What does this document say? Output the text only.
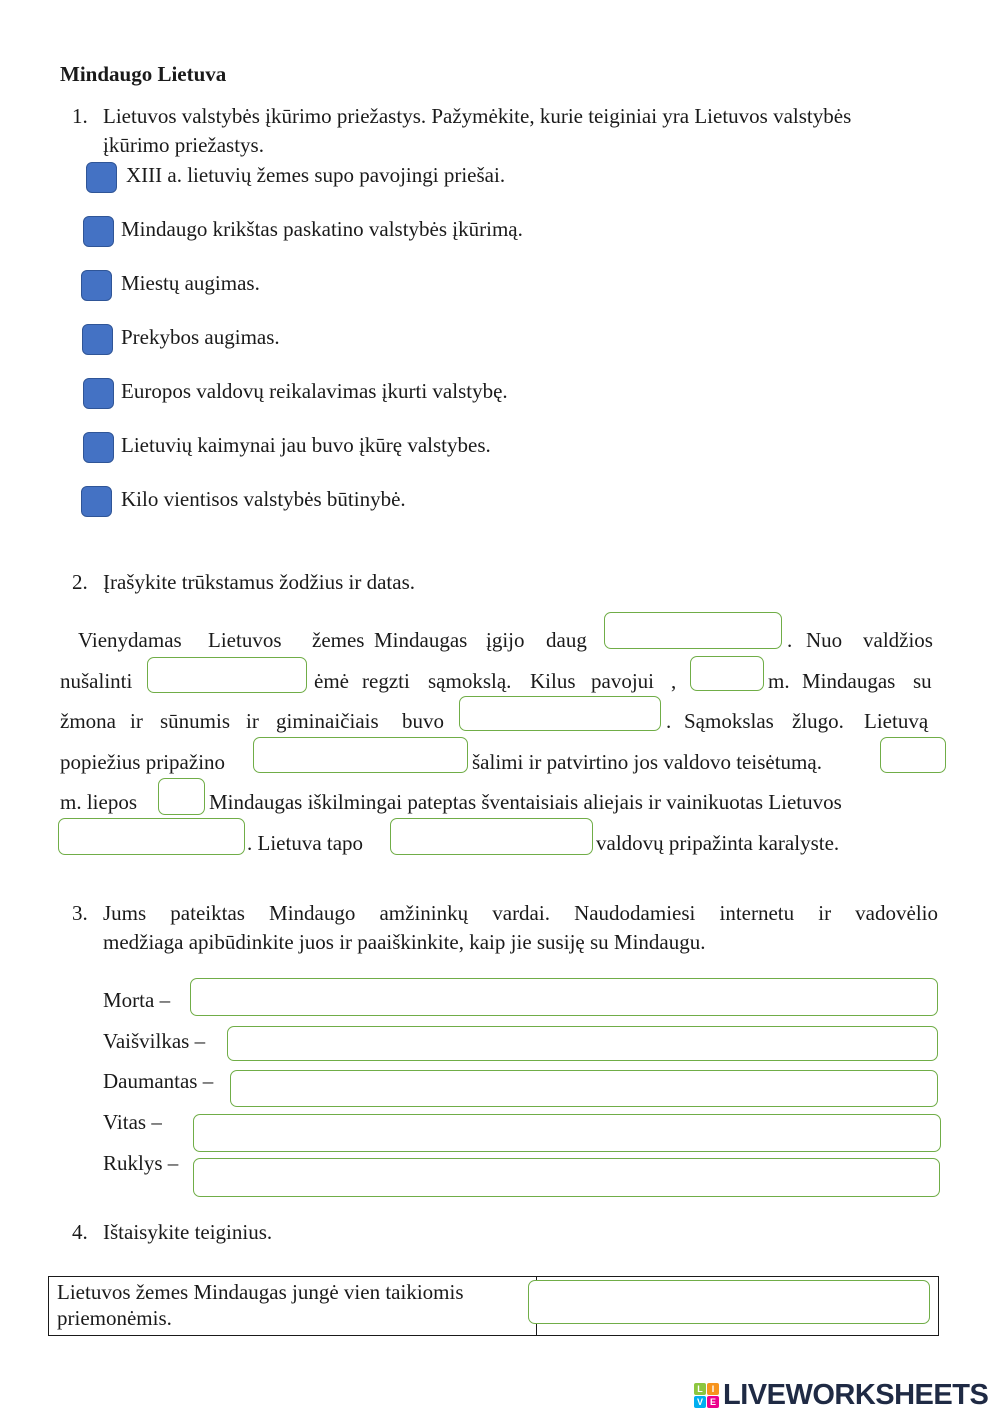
Mindaugo Lietuva
1. Lietuvos valstybės įkūrimo priežastys. Pažymėkite, kurie teiginiai yra Lietuvos valstybės
įkūrimo priežastys.
XIII a. lietuvių žemes supo pavojingi priešai.
Mindaugo krikštas paskatino valstybės įkūrimą.
Miestų augimas.
Prekybos augimas.
Europos valdovų reikalavimas įkurti valstybę.
Lietuvių kaimynai jau buvo įkūrę valstybes.
Kilo vientisos valstybės būtinybė.
2. Įrašykite trūkstamus žodžius ir datas.
Vienydamas Lietuvos žemes Mindaugas įgijo daug	. Nuo valdžios
nušalinti	ėmė regzti sąmokslą. Kilus pavojui ,	m. Mindaugas su
žmona ir sūnumis ir giminaičiais buvo	. Sąmokslas žlugo. Lietuvą
popiežius pripažino	šalimi ir patvirtino jos valdovo teisėtumą.
m. liepos	Mindaugas iškilmingai pateptas šventaisiais aliejais ir vainikuotas Lietuvos
. Lietuva tapo	valdovų pripažinta karalyste.
3. Jums pateiktas Mindaugo amžininkų vardai. Naudodamiesi internetu ir vadovėlio
medžiaga apibūdinkite juos ir paaiškinkite, kaip jie susiję su Mindaugu.
Morta –
Vaišvilkas –
Daumantas –
Vitas –
Ruklys –
4. Ištaisykite teiginius.
Lietuvos žemes Mindaugas jungė vien taikiomis
priemonėmis.

L I
V E LIVEWORKSHEETS
